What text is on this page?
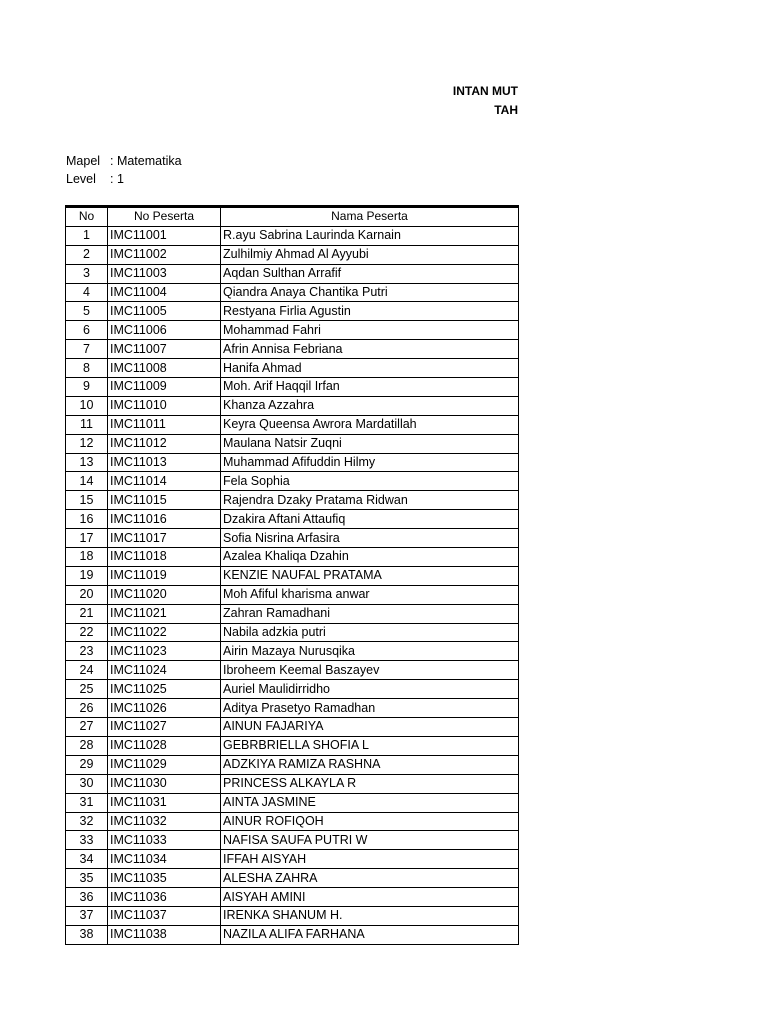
INTAN MUT
TAH
Mapel : Matematika
Level : 1
No	No Peserta	Nama Peserta
1	IMC11001	R.ayu Sabrina Laurinda Karnain
2	IMC11002	Zulhilmiy Ahmad Al Ayyubi
3	IMC11003	Aqdan Sulthan Arrafif
4	IMC11004	Qiandra Anaya Chantika Putri
5	IMC11005	Restyana Firlia Agustin
6	IMC11006	Mohammad Fahri
7	IMC11007	Afrin Annisa Febriana
8	IMC11008	Hanifa Ahmad
9	IMC11009	Moh. Arif Haqqil Irfan
10	IMC11010	Khanza Azzahra
11	IMC11011	Keyra Queensa Awrora Mardatillah
12	IMC11012	Maulana Natsir Zuqni
13	IMC11013	Muhammad Afifuddin Hilmy
14	IMC11014	Fela Sophia
15	IMC11015	Rajendra Dzaky Pratama Ridwan
16	IMC11016	Dzakira Aftani Attaufiq
17	IMC11017	Sofia Nisrina Arfasira
18	IMC11018	Azalea Khaliqa Dzahin
19	IMC11019	KENZIE NAUFAL PRATAMA
20	IMC11020	Moh Afiful kharisma anwar
21	IMC11021	Zahran Ramadhani
22	IMC11022	Nabila adzkia putri
23	IMC11023	Airin Mazaya Nurusqika
24	IMC11024	Ibroheem Keemal Baszayev
25	IMC11025	Auriel Maulidirridho
26	IMC11026	Aditya Prasetyo Ramadhan
27	IMC11027	AINUN FAJARIYA
28	IMC11028	GEBRBRIELLA SHOFIA L
29	IMC11029	ADZKIYA RAMIZA RASHNA
30	IMC11030	PRINCESS ALKAYLA R
31	IMC11031	AINTA JASMINE
32	IMC11032	AINUR ROFIQOH
33	IMC11033	NAFISA SAUFA PUTRI W
34	IMC11034	IFFAH AISYAH
35	IMC11035	ALESHA ZAHRA
36	IMC11036	AISYAH AMINI
37	IMC11037	IRENKA SHANUM H.
38	IMC11038	NAZILA ALIFA FARHANA
